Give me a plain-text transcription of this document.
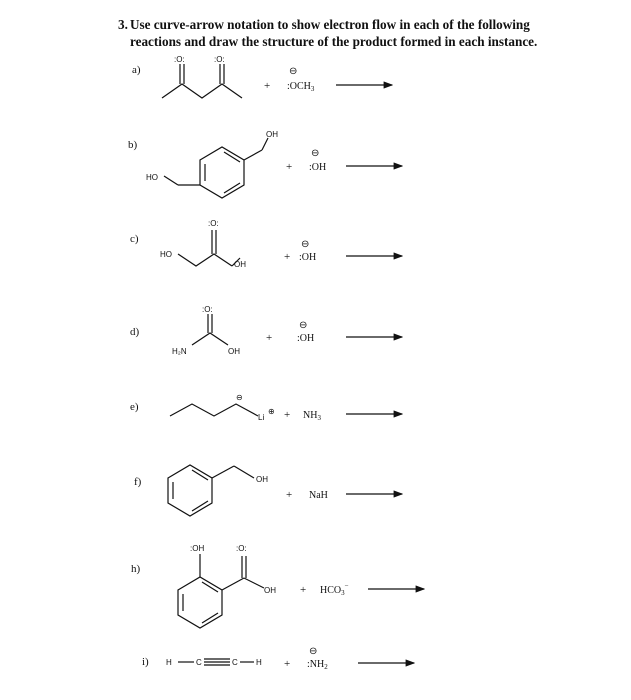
3. Use curve-arrow notation to show electron flow in each of the following
reactions and draw the structure of the product formed in each instance.
a)
b)
c)
d)
e)
f)
h)
i)
:O:	:O:
+
⊖
$:OCH_3$
HO
OH
+
⊖
:OH
HO
:O:
OH
+
⊖
:OH
H₂N
:O:
OH
+
⊖
:OH
⊖
Li
⊕ + $NH_3$
OH
+ NaH
:OH	:O:
OH + $HCO_3^-$
H	C	C H +
⊖
$:NH_2$
